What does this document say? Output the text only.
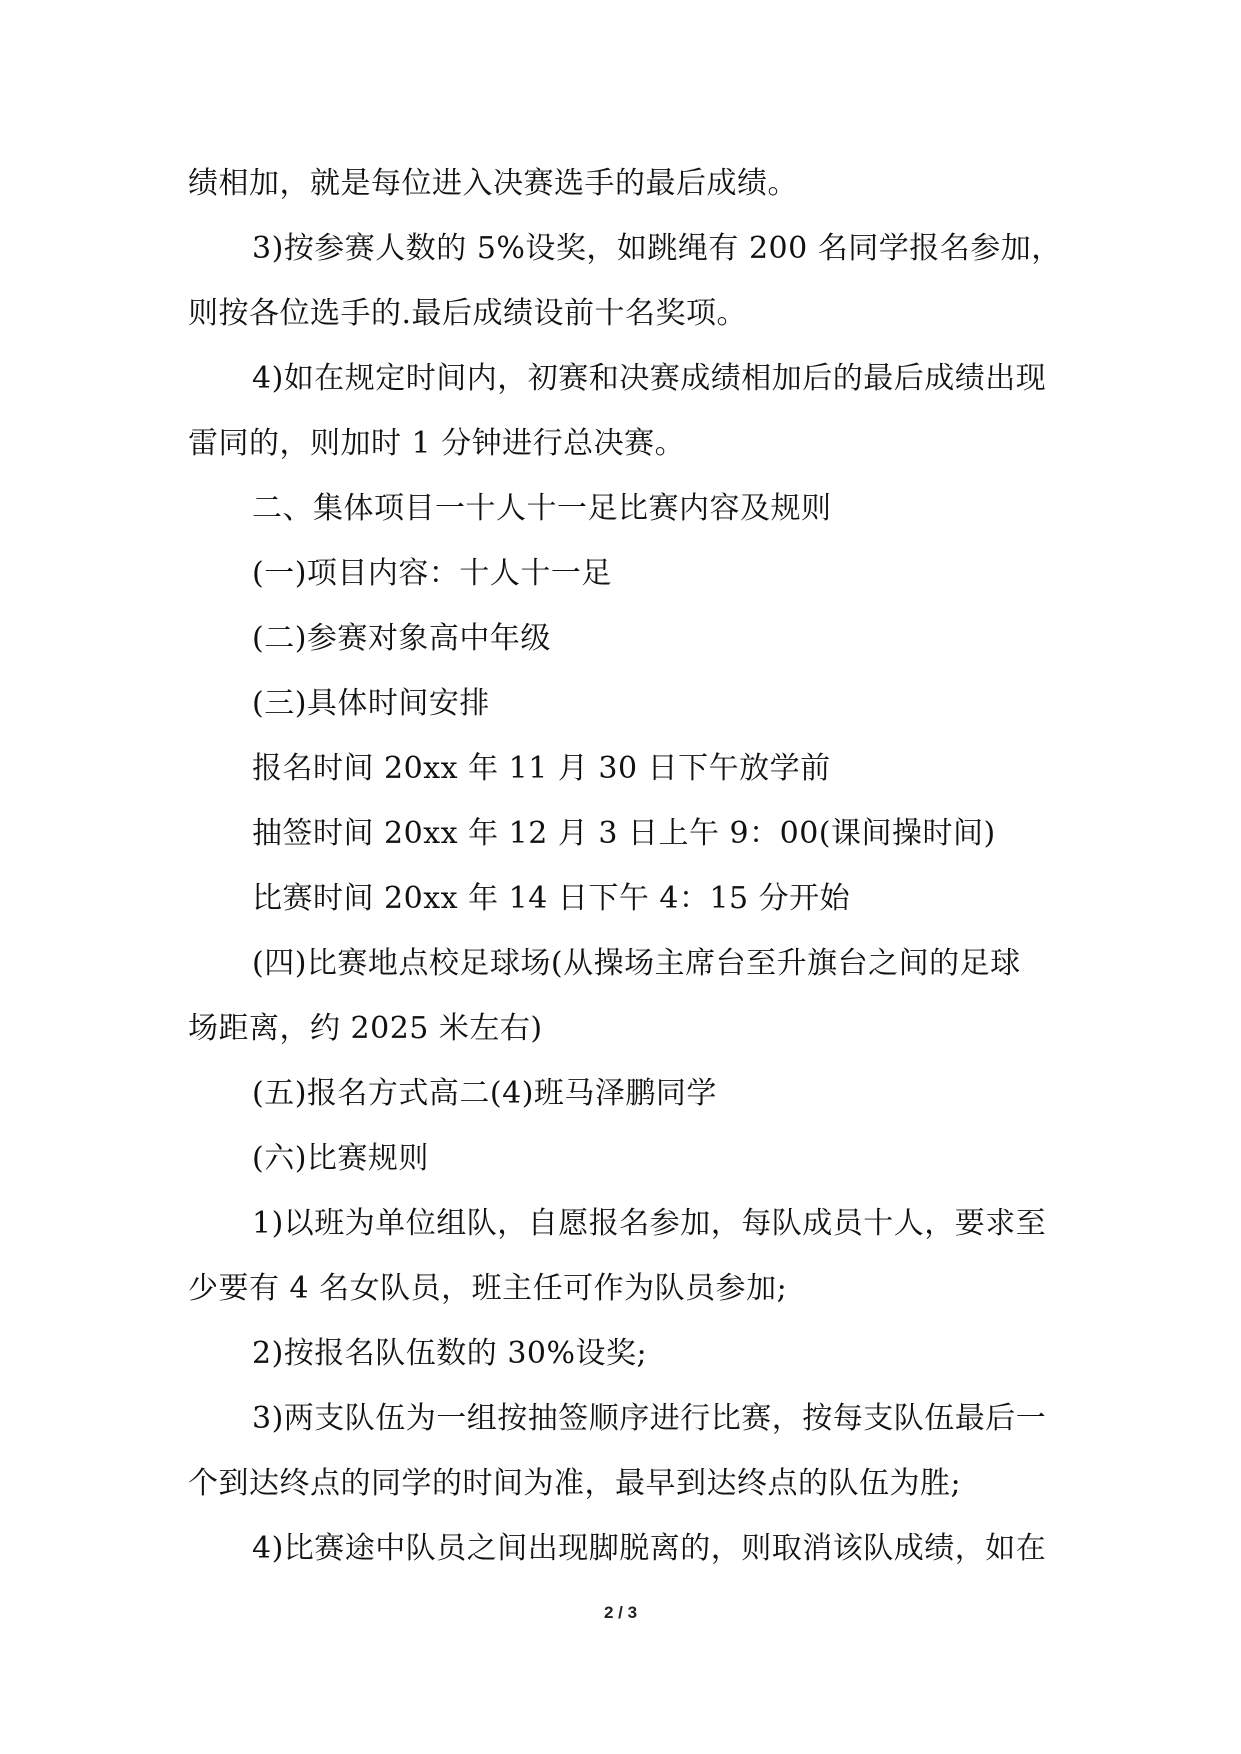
绩相加，就是每位进入决赛选手的最后成绩。
3)按参赛人数的 5%设奖，如跳绳有 200 名同学报名参加，
则按各位选手的.最后成绩设前十名奖项。
4)如在规定时间内，初赛和决赛成绩相加后的最后成绩出现
雷同的，则加时 1 分钟进行总决赛。
二、集体项目一十人十一足比赛内容及规则
(一)项目内容：十人十一足
(二)参赛对象高中年级
(三)具体时间安排
报名时间 20xx 年 11 月 30 日下午放学前
抽签时间 20xx 年 12 月 3 日上午 9：00(课间操时间)
比赛时间 20xx 年 14 日下午 4：15 分开始
(四)比赛地点校足球场(从操场主席台至升旗台之间的足球
场距离，约 2025 米左右)
(五)报名方式高二(4)班马泽鹏同学
(六)比赛规则
1)以班为单位组队，自愿报名参加，每队成员十人，要求至
少要有 4 名女队员，班主任可作为队员参加;
2)按报名队伍数的 30%设奖;
3)两支队伍为一组按抽签顺序进行比赛，按每支队伍最后一
个到达终点的同学的时间为准，最早到达终点的队伍为胜;
4)比赛途中队员之间出现脚脱离的，则取消该队成绩，如在
2 / 3
